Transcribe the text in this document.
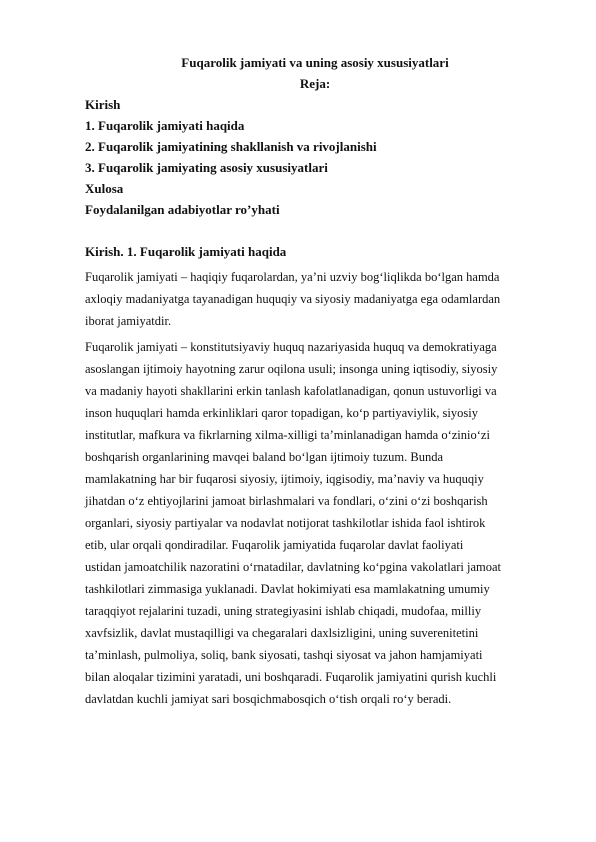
Fuqarolik jamiyati va uning asosiy xususiyatlari

Reja:

Kirish

1. Fuqarolik jamiyati haqida

2. Fuqarolik jamiyatining shakllanish va rivojlanishi

3. Fuqarolik jamiyating asosiy xususiyatlari

Xulosa

Foydalanilgan adabiyotlar ro’yhati

Kirish. 1. Fuqarolik jamiyati haqida

Fuqarolik jamiyati – haqiqiy fuqarolardan, ya’ni uzviy bog‘liqlikda bo‘lgan hamda
axloqiy madaniyatga tayanadigan huquqiy va siyosiy madaniyatga ega odamlardan
iborat jamiyatdir.

Fuqarolik jamiyati – konstitutsiyaviy huquq nazariyasida huquq va demokratiyaga
asoslangan ijtimoiy hayotning zarur oqilona usuli; insonga uning iqtisodiy, siyosiy
va madaniy hayoti shakllarini erkin tanlash kafolatlanadigan, qonun ustuvorligi va
inson huquqlari hamda erkinliklari qaror topadigan, ko‘p partiyaviylik, siyosiy
institutlar, mafkura va fikrlarning xilma-xilligi ta’minlanadigan hamda o‘zinio‘zi
boshqarish organlarining mavqei baland bo‘lgan ijtimoiy tuzum. Bunda
mamlakatning har bir fuqarosi siyosiy, ijtimoiy, iqgisodiy, ma’naviy va huquqiy
jihatdan o‘z ehtiyojlarini jamoat birlashmalari va fondlari, o‘zini o‘zi boshqarish
organlari, siyosiy partiyalar va nodavlat notijorat tashkilotlar ishida faol ishtirok
etib, ular orqali qondiradilar. Fuqarolik jamiyatida fuqarolar davlat faoliyati
ustidan jamoatchilik nazoratini o‘rnatadilar, davlatning ko‘pgina vakolatlari jamoat
tashkilotlari zimmasiga yuklanadi. Davlat hokimiyati esa mamlakatning umumiy
taraqqiyot rejalarini tuzadi, uning strategiyasini ishlab chiqadi, mudofaa, milliy
xavfsizlik, davlat mustaqilligi va chegaralari daxlsizligini, uning suverenitetini
ta’minlash, pulmoliya, soliq, bank siyosati, tashqi siyosat va jahon hamjamiyati
bilan aloqalar tizimini yaratadi, uni boshqaradi. Fuqarolik jamiyatini qurish kuchli
davlatdan kuchli jamiyat sari bosqichmabosqich o‘tish orqali ro‘y beradi.
